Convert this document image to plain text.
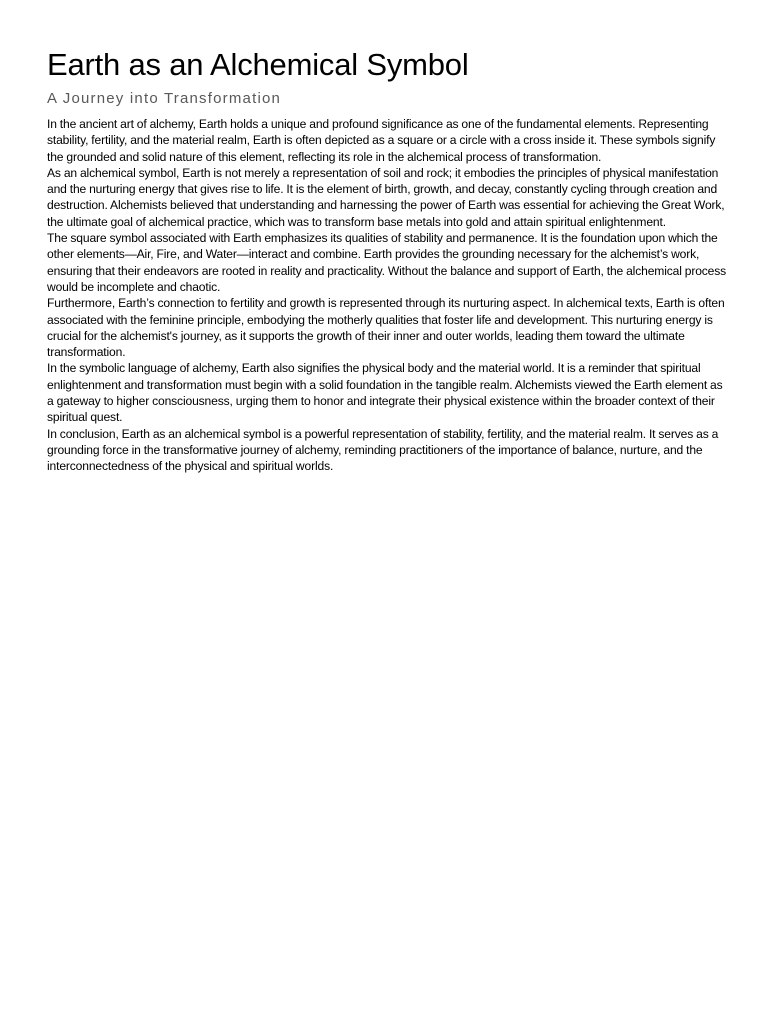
Earth as an Alchemical Symbol
A Journey into Transformation

In the ancient art of alchemy, Earth holds a unique and profound significance as one of the fundamental elements. Representing stability, fertility, and the material realm, Earth is often depicted as a square or a circle with a cross inside it. These symbols signify the grounded and solid nature of this element, reflecting its role in the alchemical process of transformation.

As an alchemical symbol, Earth is not merely a representation of soil and rock; it embodies the principles of physical manifestation and the nurturing energy that gives rise to life. It is the element of birth, growth, and decay, constantly cycling through creation and destruction. Alchemists believed that understanding and harnessing the power of Earth was essential for achieving the Great Work, the ultimate goal of alchemical practice, which was to transform base metals into gold and attain spiritual enlightenment.

The square symbol associated with Earth emphasizes its qualities of stability and permanence. It is the foundation upon which the other elements—Air, Fire, and Water—interact and combine. Earth provides the grounding necessary for the alchemist’s work, ensuring that their endeavors are rooted in reality and practicality. Without the balance and support of Earth, the alchemical process would be incomplete and chaotic.

Furthermore, Earth’s connection to fertility and growth is represented through its nurturing aspect. In alchemical texts, Earth is often associated with the feminine principle, embodying the motherly qualities that foster life and development. This nurturing energy is crucial for the alchemist's journey, as it supports the growth of their inner and outer worlds, leading them toward the ultimate transformation.

In the symbolic language of alchemy, Earth also signifies the physical body and the material world. It is a reminder that spiritual enlightenment and transformation must begin with a solid foundation in the tangible realm. Alchemists viewed the Earth element as a gateway to higher consciousness, urging them to honor and integrate their physical existence within the broader context of their spiritual quest.

In conclusion, Earth as an alchemical symbol is a powerful representation of stability, fertility, and the material realm. It serves as a grounding force in the transformative journey of alchemy, reminding practitioners of the importance of balance, nurture, and the interconnectedness of the physical and spiritual worlds.
